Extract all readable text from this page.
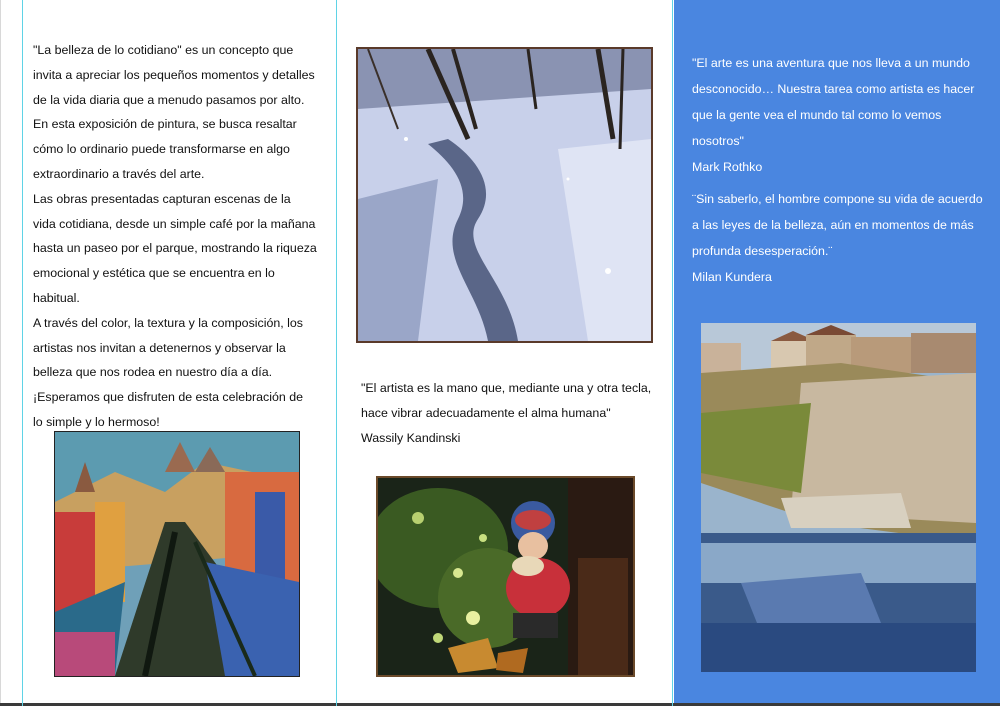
"La belleza de lo cotidiano" es un concepto que

invita a apreciar los pequeños momentos y detalles

de la vida diaria que a menudo pasamos por alto.

En esta exposición de pintura, se busca resaltar

cómo lo ordinario puede transformarse en algo

extraordinario a través del arte.

Las obras presentadas capturan escenas de la

vida cotidiana, desde un simple café por la mañana

hasta un paseo por el parque, mostrando la riqueza

emocional y estética que se encuentra en lo habitual.

A través del color, la textura y la composición, los

artistas nos invitan a detenernos y observar la

belleza que nos rodea en nuestro día a día.

¡Esperamos que disfruten de esta celebración de

lo simple y lo hermoso!

"El artista es la mano que, mediante una y otra tecla,

hace vibrar adecuadamente el alma humana"

Wassily Kandinski

"El arte es una aventura que nos lleva a un mundo

desconocido… Nuestra tarea como artista es hacer

que la gente vea el mundo tal como lo vemos

nosotros"

Mark Rothko

¨Sin saberlo, el hombre compone su vida de acuerdo

a las leyes de la belleza, aún en momentos de más

profunda desesperación.¨

Milan Kundera
